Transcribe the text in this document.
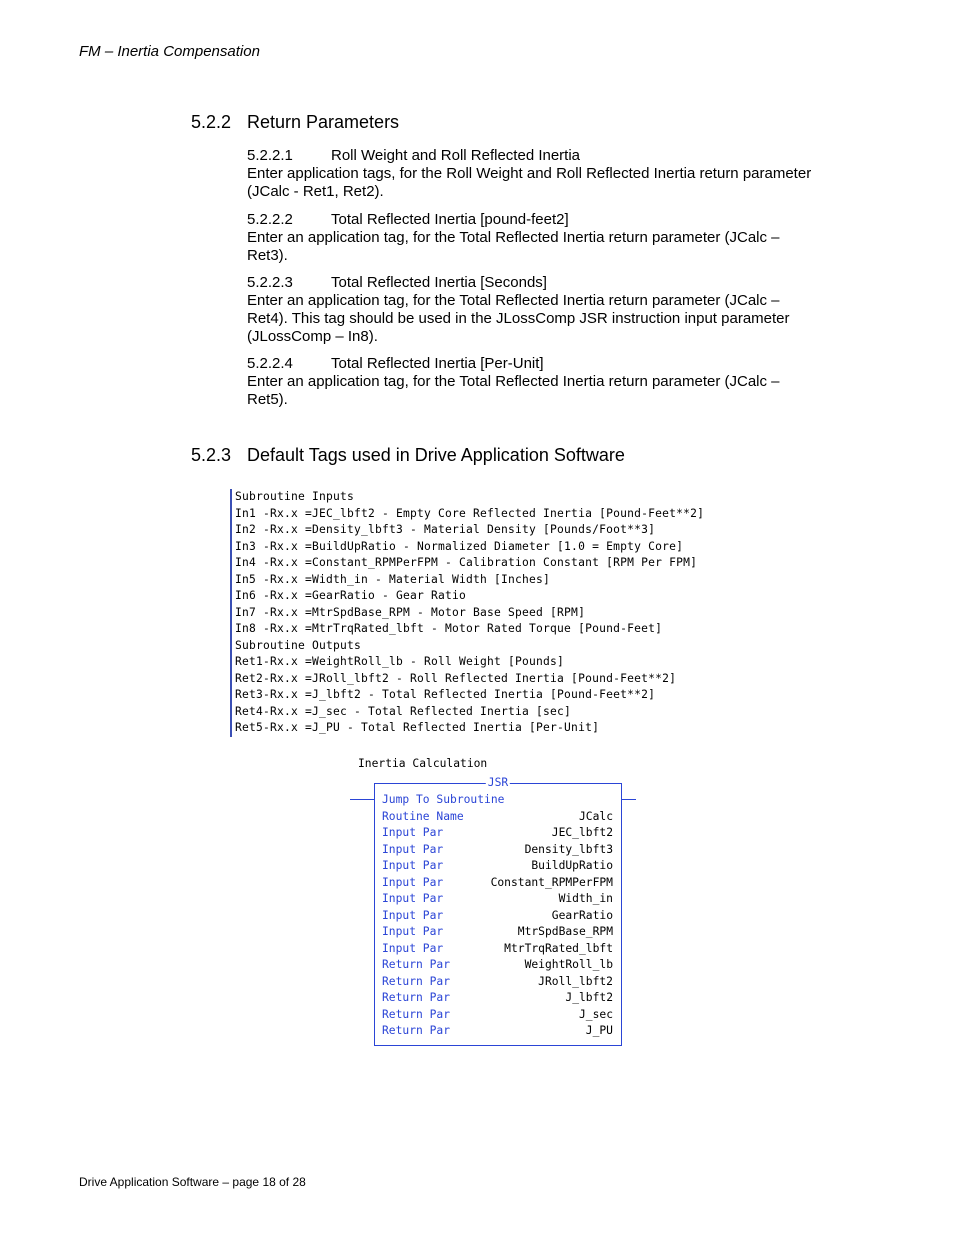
FM – Inertia Compensation
5.2.2 Return Parameters
5.2.2.1	Roll Weight and Roll Reflected Inertia
Enter application tags, for the Roll Weight and Roll Reflected Inertia return parameter (JCalc - Ret1, Ret2).
5.2.2.2	Total Reflected Inertia [pound-feet2]
Enter an application tag, for the Total Reflected Inertia return parameter (JCalc – Ret3).
5.2.2.3	Total Reflected Inertia [Seconds]
Enter an application tag, for the Total Reflected Inertia return parameter (JCalc – Ret4). This tag should be used in the JLossComp JSR instruction input parameter (JLossComp – In8).
5.2.2.4	Total Reflected Inertia [Per-Unit]
Enter an application tag, for the Total Reflected Inertia return parameter (JCalc – Ret5).
5.2.3 Default Tags used in Drive Application Software
Subroutine Inputs
In1 -Rx.x =JEC_lbft2 - Empty Core Reflected Inertia [Pound-Feet**2]
In2 -Rx.x =Density_lbft3 - Material Density [Pounds/Foot**3]
In3 -Rx.x =BuildUpRatio - Normalized Diameter [1.0 = Empty Core]
In4 -Rx.x =Constant_RPMPerFPM - Calibration Constant [RPM Per FPM]
In5 -Rx.x =Width_in - Material Width [Inches]
In6 -Rx.x =GearRatio - Gear Ratio
In7 -Rx.x =MtrSpdBase_RPM - Motor Base Speed [RPM]
In8 -Rx.x =MtrTrqRated_lbft - Motor Rated Torque [Pound-Feet]
Subroutine Outputs
Ret1-Rx.x =WeightRoll_lb - Roll Weight [Pounds]
Ret2-Rx.x =JRoll_lbft2 - Roll Reflected Inertia [Pound-Feet**2]
Ret3-Rx.x =J_lbft2 - Total Reflected Inertia [Pound-Feet**2]
Ret4-Rx.x =J_sec - Total Reflected Inertia [sec]
Ret5-Rx.x =J_PU - Total Reflected Inertia [Per-Unit]
Inertia Calculation
JSR
Jump To Subroutine
Routine Name	JCalc
Input Par	JEC_lbft2
Input Par	Density_lbft3
Input Par	BuildUpRatio
Input Par	Constant_RPMPerFPM
Input Par	Width_in
Input Par	GearRatio
Input Par	MtrSpdBase_RPM
Input Par	MtrTrqRated_lbft
Return Par	WeightRoll_lb
Return Par	JRoll_lbft2
Return Par	J_lbft2
Return Par	J_sec
Return Par	J_PU
Drive Application Software – page 18 of 28
